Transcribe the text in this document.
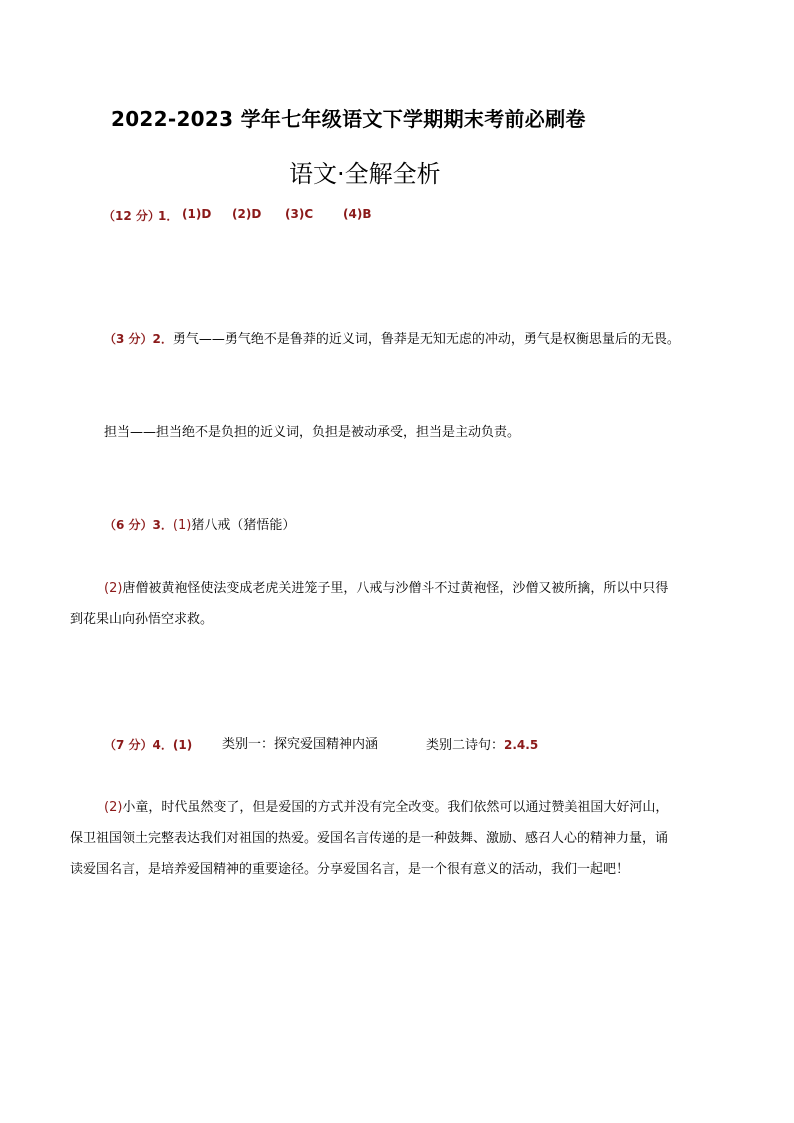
2022-2023 学年七年级语文下学期期末考前必刷卷
语文·全解全析
（12 分）
1． (1)D (2)D (3)C (4)B
（3 分）2．勇气——勇气绝不是鲁莽的近义词，鲁莽是无知无虑的冲动，勇气是权衡思量后的无畏。
担当——担当绝不是负担的近义词，负担是被动承受，担当是主动负责。
（6 分）3．(1)猪八戒（猪悟能）
(2)唐僧被黄袍怪使法变成老虎关进笼子里，八戒与沙僧斗不过黄袍怪，沙僧又被所擒，所以中只得到花果山向孙悟空求救。
（7 分）4．(1) 类别一：探究爱国精神内涵	类别二诗句：2.4.5
(2)小童，时代虽然变了，但是爱国的方式并没有完全改变。我们依然可以通过赞美祖国大好河山，保卫祖国领土完整表达我们对祖国的热爱。爱国名言传递的是一种鼓舞、激励、感召人心的精神力量，诵读爱国名言，是培养爱国精神的重要途径。分享爱国名言，是一个很有意义的活动，我们一起吧！
